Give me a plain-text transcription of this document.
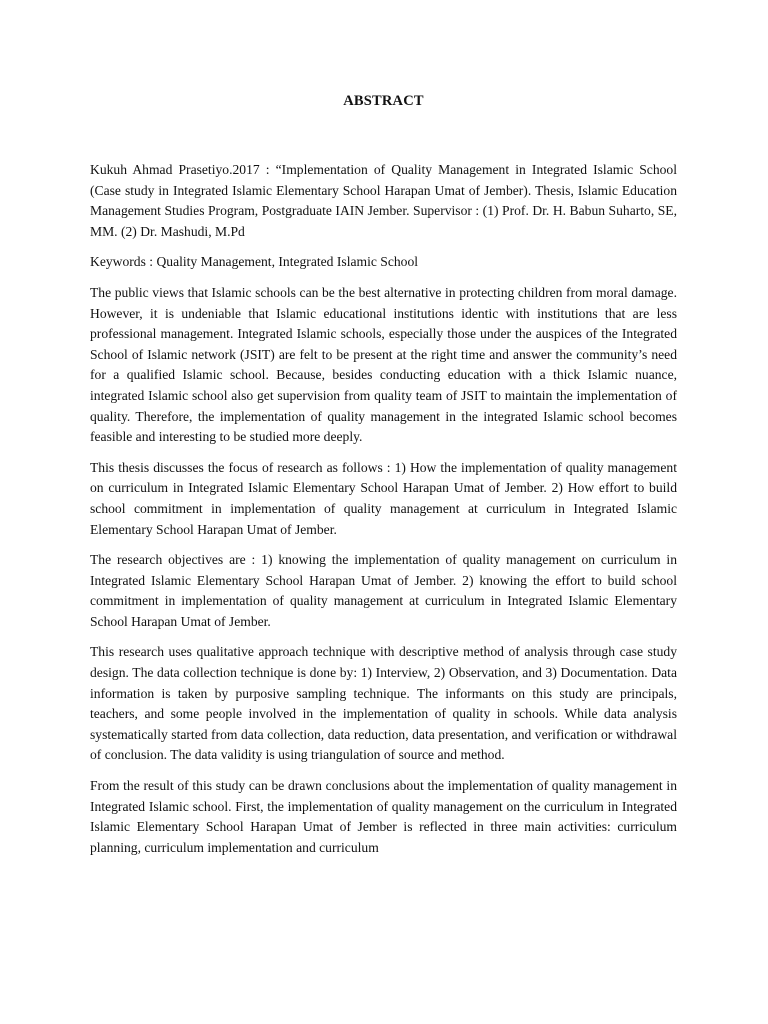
ABSTRACT

Kukuh Ahmad Prasetiyo.2017 : “Implementation of Quality Management in Integrated Islamic School (Case study in Integrated Islamic Elementary School Harapan Umat of Jember). Thesis, Islamic Education Management Studies Program, Postgraduate IAIN Jember. Supervisor : (1) Prof. Dr. H. Babun Suharto, SE, MM. (2) Dr. Mashudi, M.Pd

Keywords : Quality Management, Integrated Islamic School

The public views that Islamic schools can be the best alternative in protecting children from moral damage. However, it is undeniable that Islamic educational institutions identic with institutions that are less professional management. Integrated Islamic schools, especially those under the auspices of the Integrated School of Islamic network (JSIT) are felt to be present at the right time and answer the community’s need for a qualified Islamic school. Because, besides conducting education with a thick Islamic nuance, integrated Islamic school also get supervision from quality team of JSIT to maintain the implementation of quality. Therefore, the implementation of quality management in the integrated Islamic school becomes feasible and interesting to be studied more deeply.

This thesis discusses the focus of research as follows : 1) How the implementation of quality management on curriculum in Integrated Islamic Elementary School Harapan Umat of Jember. 2) How effort to build school commitment in implementation of quality management at curriculum in Integrated Islamic Elementary School Harapan Umat of Jember.

The research objectives are : 1) knowing the implementation of quality management on curriculum in Integrated Islamic Elementary School Harapan Umat of Jember. 2) knowing the effort to build school commitment in implementation of quality management at curriculum in Integrated Islamic Elementary School Harapan Umat of Jember.

This research uses qualitative approach technique with descriptive method of analysis through case study design. The data collection technique is done by: 1) Interview, 2) Observation, and 3) Documentation. Data information is taken by purposive sampling technique. The informants on this study are principals, teachers, and some people involved in the implementation of quality in schools. While data analysis systematically started from data collection, data reduction, data presentation, and verification or withdrawal of conclusion. The data validity is using triangulation of source and method.

From the result of this study can be drawn conclusions about the implementation of quality management in Integrated Islamic school. First, the implementation of quality management on the curriculum in Integrated Islamic Elementary School Harapan Umat of Jember is reflected in three main activities: curriculum planning, curriculum implementation and curriculum
